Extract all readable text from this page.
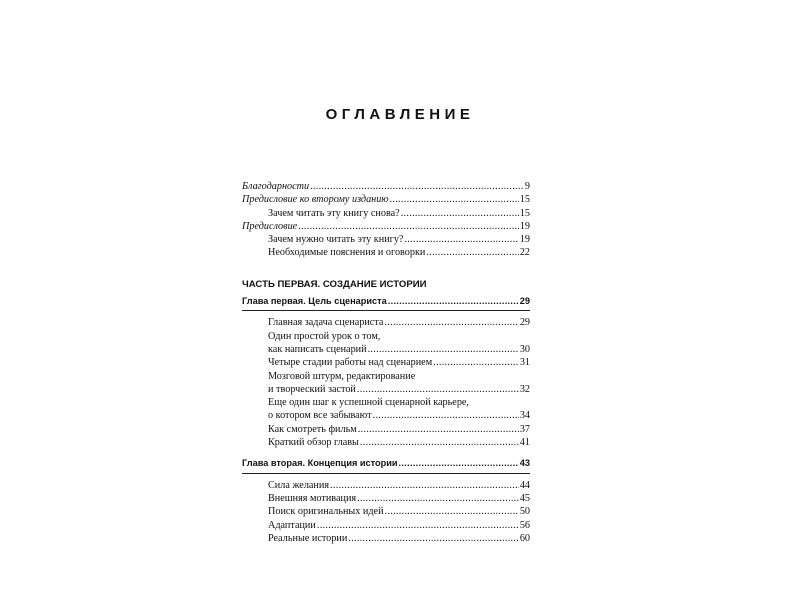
ОГЛАВЛЕНИЕ
Благодарности .....	9
Предисловие ко второму изданию .....	15
Зачем читать эту книгу снова? .....	15
Предисловие .....	19
Зачем нужно читать эту книгу? .....	19
Необходимые пояснения и оговорки .....	22
ЧАСТЬ ПЕРВАЯ. СОЗДАНИЕ ИСТОРИИ
Глава первая. Цель сценариста .....	29
Главная задача сценариста .....	29
Один простой урок о том,
как написать сценарий .....	30
Четыре стадии работы над сценарием .....	31
Мозговой штурм, редактирование
и творческий застой .....	32
Еще один шаг к успешной сценарной карьере,
о котором все забывают .....	34
Как смотреть фильм .....	37
Краткий обзор главы .....	41
Глава вторая. Концепция истории .....	43
Сила желания .....	44
Внешняя мотивация .....	45
Поиск оригинальных идей .....	50
Адаптации .....	56
Реальные истории .....	60
